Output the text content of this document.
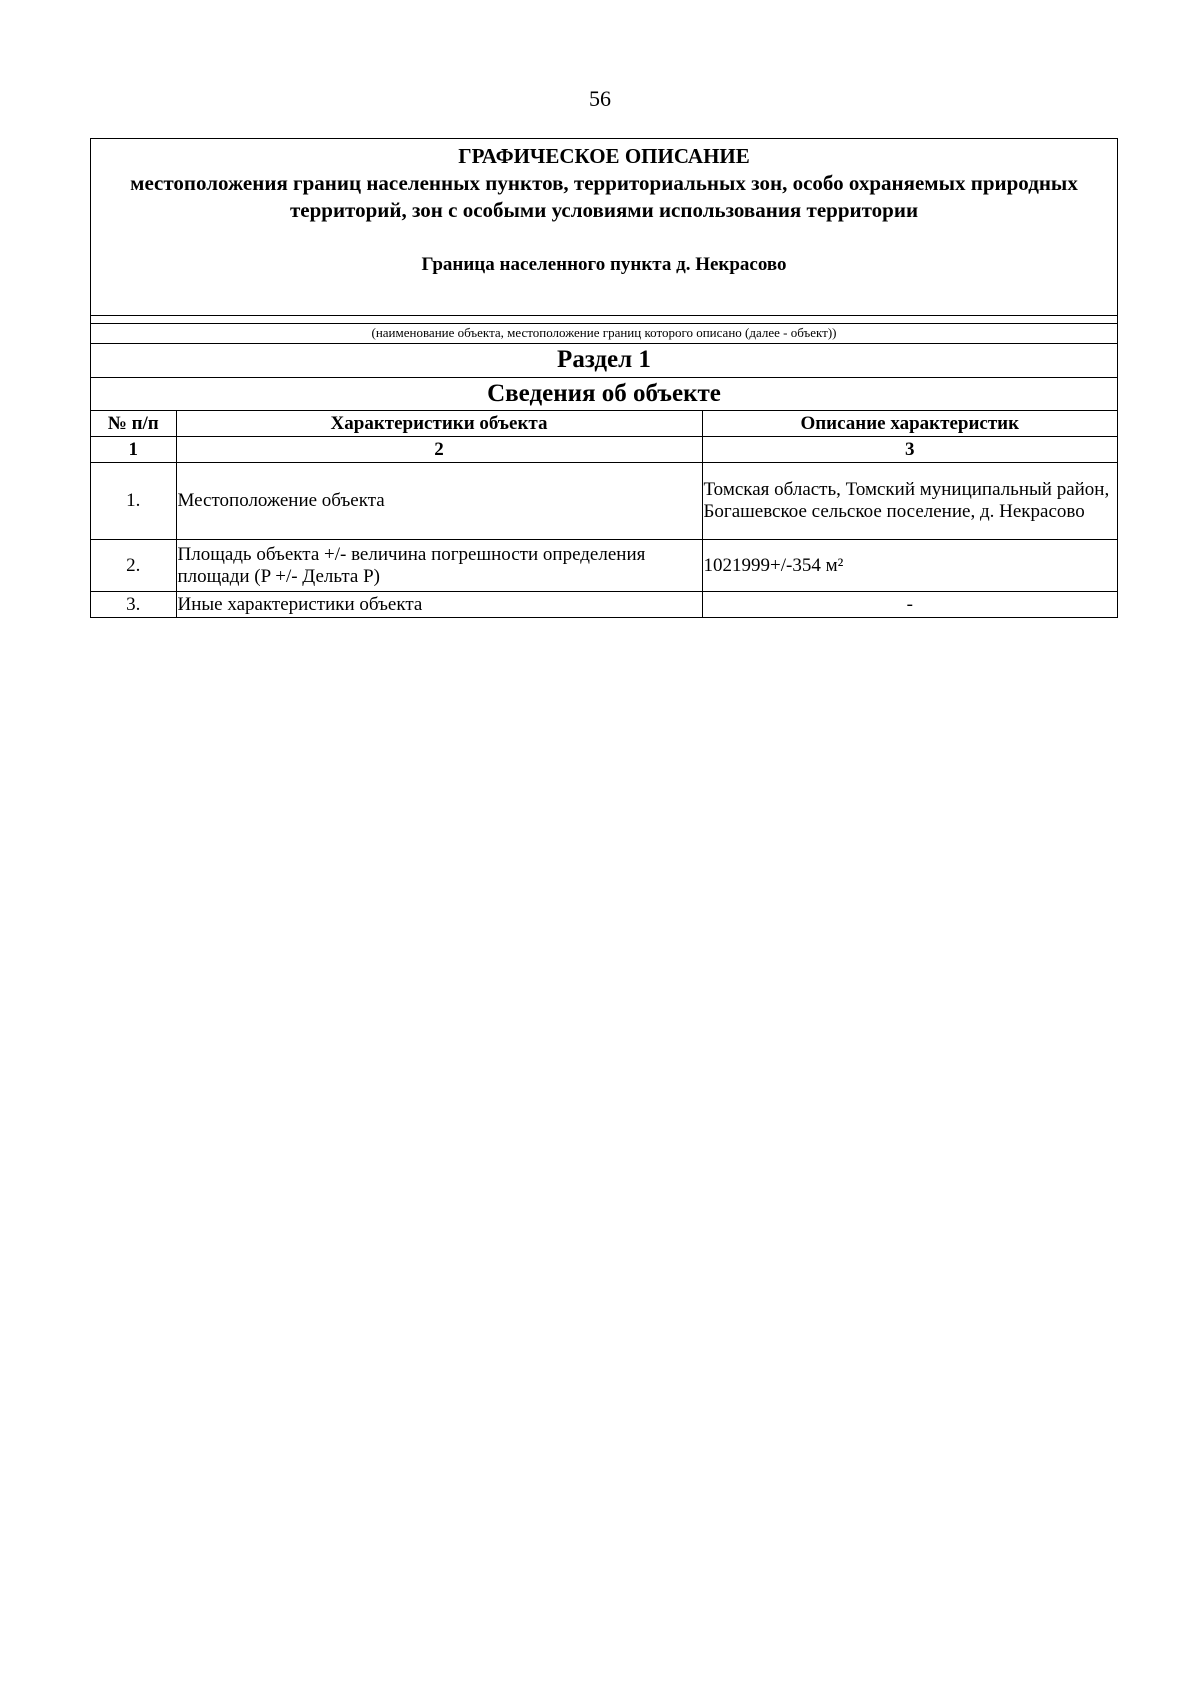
56
ГРАФИЧЕСКОЕ ОПИСАНИЕ
местоположения границ населенных пунктов, территориальных зон, особо охраняемых природных территорий, зон с особыми условиями использования территории
Граница населенного пункта д. Некрасово
(наименование объекта, местоположение границ которого описано (далее - объект))
Раздел 1
Сведения об объекте
№ п/п	Характеристики объекта	Описание характеристик
1	2	3
1.	Местоположение объекта	Томская область, Томский муниципальный район, Богашевское сельское поселение, д. Некрасово
2.	Площадь объекта +/- величина погрешности определения площади (P +/- Дельта P)	1021999+/-354 м²
3.	Иные характеристики объекта	-
